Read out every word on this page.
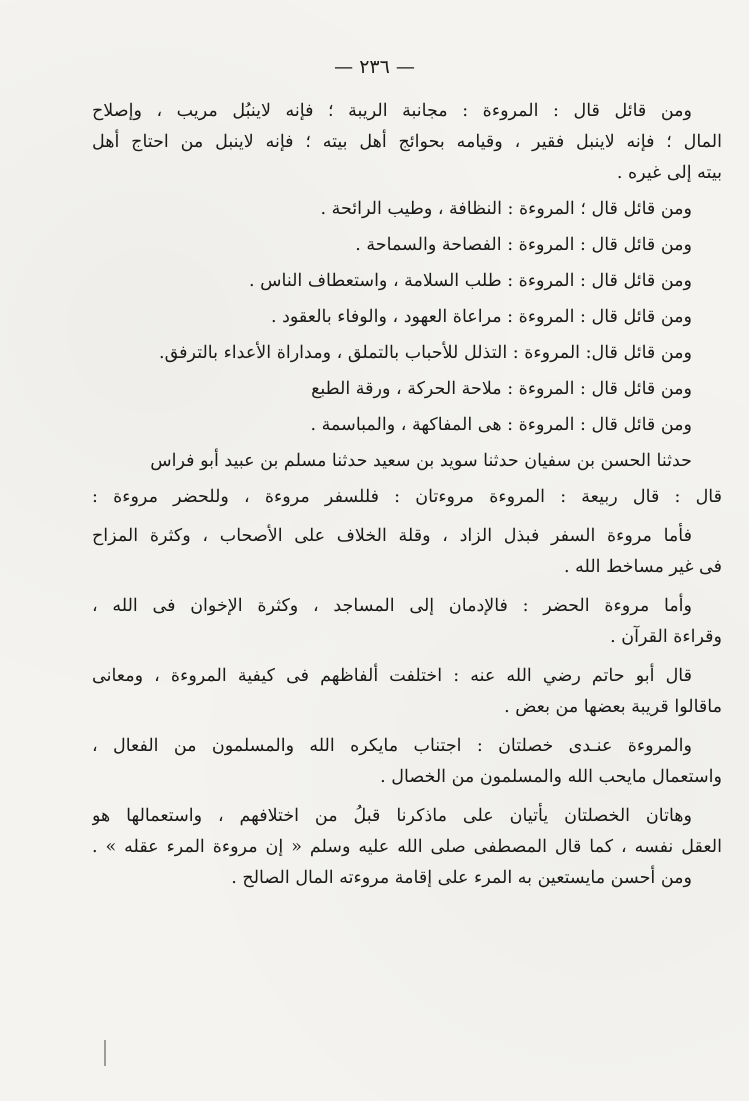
— ٢٣٦ —
ومن قائل قال : المروءة : مجانبة الريبة ؛ فإنه لاينبُل مريب ، وإصلاح
المال ؛ فإنه لاينبل فقير ، وقيامه بحوائج أهل بيته ؛ فإنه لاينبل من احتاج أهل
بيته إلى غيره .
ومن قائل قال ؛ المروءة : النظافة ، وطيب الرائحة .
ومن قائل قال : المروءة : الفصاحة والسماحة .
ومن قائل قال : المروءة : طلب السلامة ، واستعطاف الناس .
ومن قائل قال : المروءة : مراعاة العهود ، والوفاء بالعقود .
ومن قائل قال: المروءة : التذلل للأحباب بالتملق ، ومداراة الأعداء بالترفق.
ومن قائل قال : المروءة : ملاحة الحركة ، ورقة الطبع
ومن قائل قال : المروءة : هى المفاكهة ، والمباسمة .
حدثنا الحسن بن سفيان حدثنا سويد بن سعيد حدثنا مسلم بن عبيد أبو فراس
قال : قال ربيعة : المروءة مروءتان : فللسفر مروءة ، وللحضر مروءة :
فأما مروءة السفر فبذل الزاد ، وقلة الخلاف على الأصحاب ، وكثرة المزاح
فى غير مساخط الله .
وأما مروءة الحضر : فالإدمان إلى المساجد ، وكثرة الإخوان فى الله ،
وقراءة القرآن .
قال أبو حاتم رضي الله عنه : اختلفت ألفاظهم فى كيفية المروءة ، ومعانى
ماقالوا قريبة بعضها من بعض .
والمروءة عنـدى خصلتان : اجتناب مايكره الله والمسلمون من الفعال ،
واستعمال مايحب الله والمسلمون من الخصال .
وهاتان الخصلتان يأتيان على ماذكرنا قبلُ من اختلافهم ، واستعمالها هو
العقل نفسه ، كما قال المصطفى صلى الله عليه وسلم « إن مروءة المرء عقله » .
ومن أحسن مايستعين به المرء على إقامة مروءته المال الصالح .
